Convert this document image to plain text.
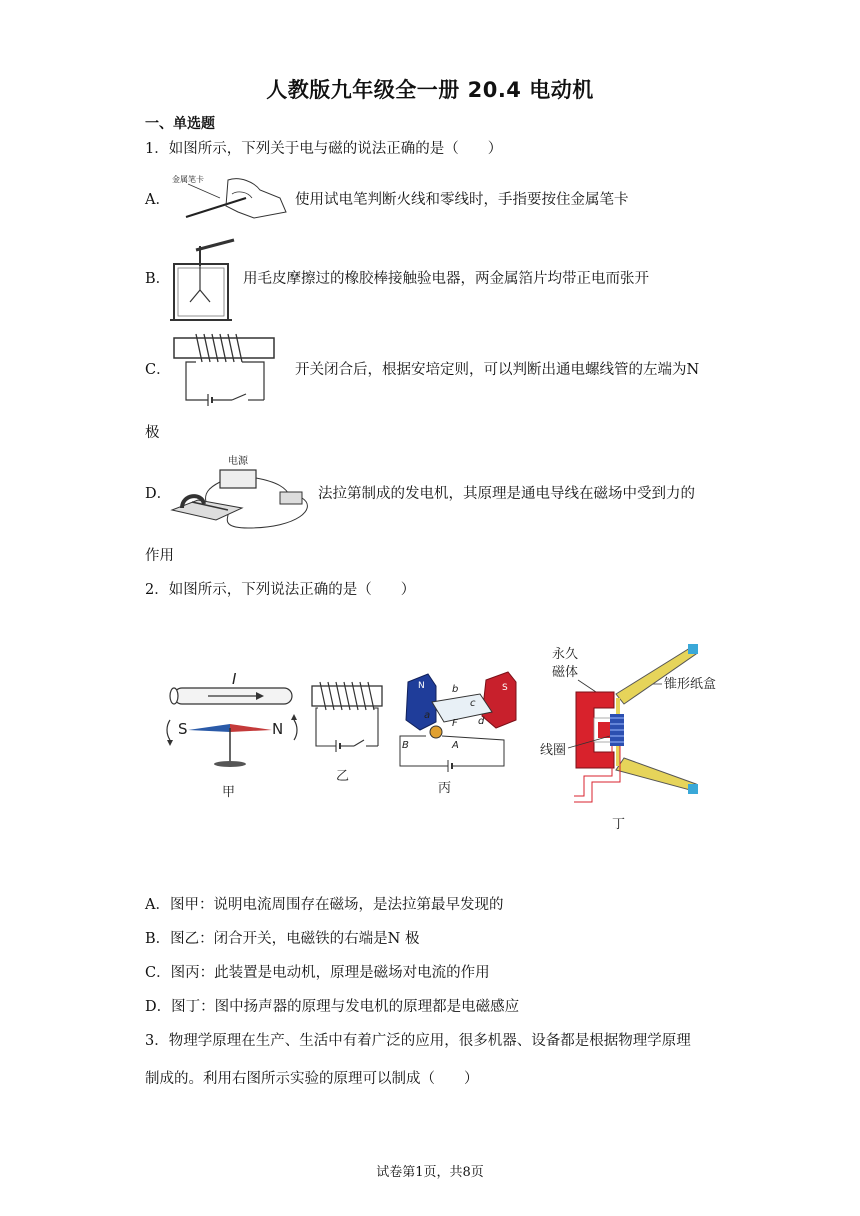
人教版九年级全一册 20.4 电动机
一、单选题
1．如图所示，下列关于电与磁的说法正确的是（　　）
A．
金属笔卡
使用试电笔判断火线和零线时，手指要按住金属笔卡
B．	用毛皮摩擦过的橡胶棒接触验电器，两金属箔片均带正电而张开
C．	开关闭合后，根据安培定则，可以判断出通电螺线管的左端为N
极
D．
电源
法拉第制成的发电机，其原理是通电导线在磁场中受到力的
作用
2．如图所示，下列说法正确的是（　　）
I
S	N
甲
乙
N	S
b
c
d
a
F
B	A
丙
永久
磁体
锥形纸盒
线圈
丁
A．图甲：说明电流周围存在磁场，是法拉第最早发现的
B．图乙：闭合开关，电磁铁的右端是N 极
C．图丙：此装置是电动机，原理是磁场对电流的作用
D．图丁：图中扬声器的原理与发电机的原理都是电磁感应
3．物理学原理在生产、生活中有着广泛的应用，很多机器、设备都是根据物理学原理
制成的。利用右图所示实验的原理可以制成（　　）
试卷第1页，共8页
